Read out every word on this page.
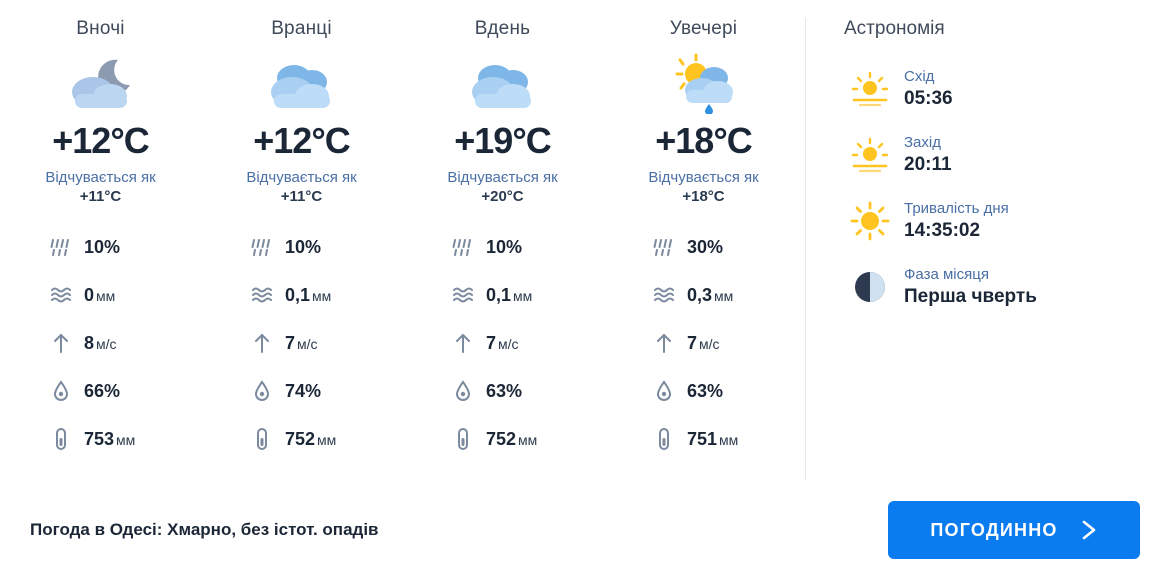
Вночі
+12°C
Відчувається як
+11°C
10%
0 мм
8 м/с
66%
753 мм
Вранці
+12°C
Відчувається як
+11°C
10%
0,1 мм
7 м/с
74%
752 мм
Вдень
+19°C
Відчувається як
+20°C
10%
0,1 мм
7 м/с
63%
752 мм
Увечері
+18°C
Відчувається як
+18°C
30%
0,3 мм
7 м/с
63%
751 мм
Астрономія
Схід
05:36
Захід
20:11
Тривалість дня
14:35:02
Фаза місяця
Перша чверть
Погода в Одесі: Хмарно, без істот. опадів	ПОГОДИННО
